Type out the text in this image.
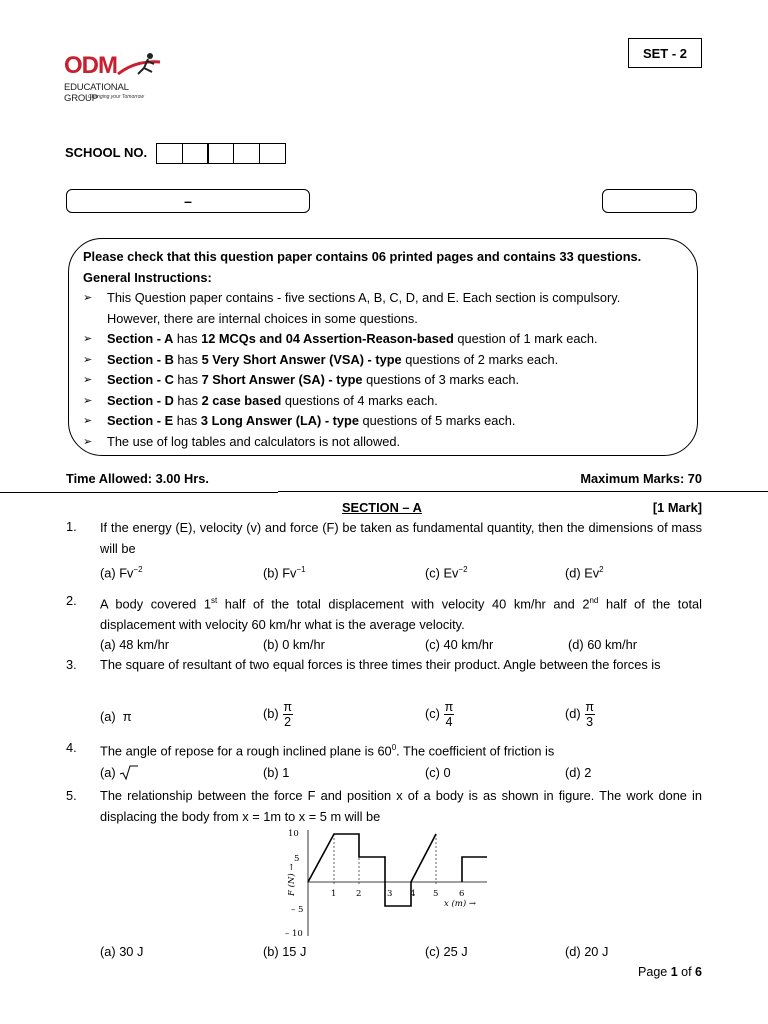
ODM
EDUCATIONAL GROUP
Changing your Tomorrow
SET - 2
SCHOOL NO.
–
Please check that this question paper contains 06 printed pages and contains 33 questions.
General Instructions:
➢	This Question paper contains - five sections A, B, C, D, and E. Each section is compulsory.
However, there are internal choices in some questions.
➢	Section - A has 12 MCQs and 04 Assertion-Reason-based question of 1 mark each.
➢	Section - B has 5 Very Short Answer (VSA) - type questions of 2 marks each.
➢	Section - C has 7 Short Answer (SA) - type questions of 3 marks each.
➢	Section - D has 2 case based questions of 4 marks each.
➢	Section - E has 3 Long Answer (LA) - type questions of 5 marks each.
➢	The use of log tables and calculators is not allowed.
Time Allowed: 3.00 Hrs.	Maximum Marks: 70
SECTION – A	[1 Mark]
1. If the energy (E), velocity (v) and force (F) be taken as fundamental quantity, then the dimensions of mass will be
(a) $Fv^{-2}$	(b) $Fv^{-1}$	(c) $Ev^{-2}$	(d) Ev$^2$
2. A body covered 1st half of the total displacement with velocity 40 km/hr and 2nd half of the total displacement with velocity 60 km/hr what is the average velocity.
(a) 48 km/hr	(b) 0 km/hr	(c) 40 km/hr	(d) 60 km/hr
3. The square of resultant of two equal forces is three times their product. Angle between the forces is
(a)  π	$(b) \frac{\pi}{2}$	$(c) \frac{\pi}{4}$	$(d) \frac{\pi}{3}$
4. The angle of repose for a rough inclined plane is $60^0$. The coefficient of friction is
(a)	(b) 1	(c) 0	(d) 2
5. The relationship between the force F and position x of a body is as shown in figure. The work done in displacing the body from x = 1m to x = 5 m will be
10
5
– 5
– 10
1 2	3 4 5 6
x (m) →
F (N) →
(a) 30 J	(b) 15 J	(c) 25 J	(d) 20 J
Page 1 of 6
